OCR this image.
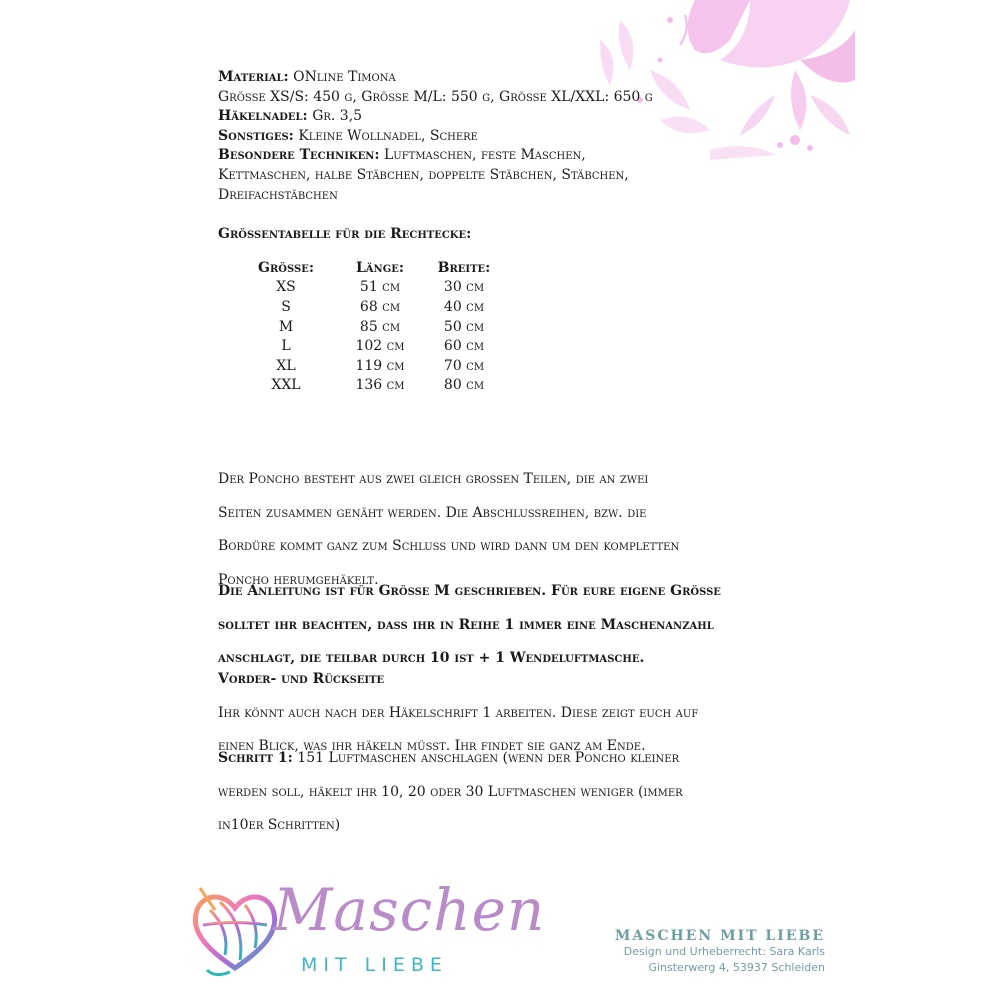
Material: ONline Timona

Grösse XS/S: 450 g, Grösse M/L: 550 g, Grösse XL/XXL: 650 g

Häkelnadel: Gr. 3,5

Sonstiges: Kleine Wollnadel, Schere

Besondere Techniken: Luftmaschen, feste Maschen,

Kettmaschen, halbe Stäbchen, doppelte Stäbchen, Stäbchen,

Dreifachstäbchen

Grössentabelle für die Rechtecke:

Grösse:	Länge:	Breite:
XS	51 cm	30 cm
S	68 cm	40 cm
M	85 cm	50 cm
L	102 cm	60 cm
XL	119 cm	70 cm
XXL	136 cm	80 cm

Der Poncho besteht aus zwei gleich grossen Teilen, die an zwei

Seiten zusammen genäht werden. Die Abschlussreihen, bzw. die

Bordüre kommt ganz zum Schluss und wird dann um den kompletten

Poncho herumgehäkelt.

Die Anleitung ist für Grösse M geschrieben. Für eure eigene Grösse

solltet ihr beachten, dass ihr in Reihe 1 immer eine Maschenanzahl

anschlagt, die teilbar durch 10 ist + 1 Wendeluftmasche.

Vorder- und Rückseite

Ihr könnt auch nach der Häkelschrift 1 arbeiten. Diese zeigt euch auf

einen Blick, was ihr häkeln müsst. Ihr findet sie ganz am Ende.

Schritt 1: 151 Luftmaschen anschlagen (wenn der Poncho kleiner

werden soll, häkelt ihr 10, 20 oder 30 Luftmaschen weniger (immer

in10er Schritten)

Maschen
MIT LIEBE
MASCHEN MIT LIEBE
Design und Urheberrecht: Sara Karls
Ginsterwerg 4, 53937 Schleiden
